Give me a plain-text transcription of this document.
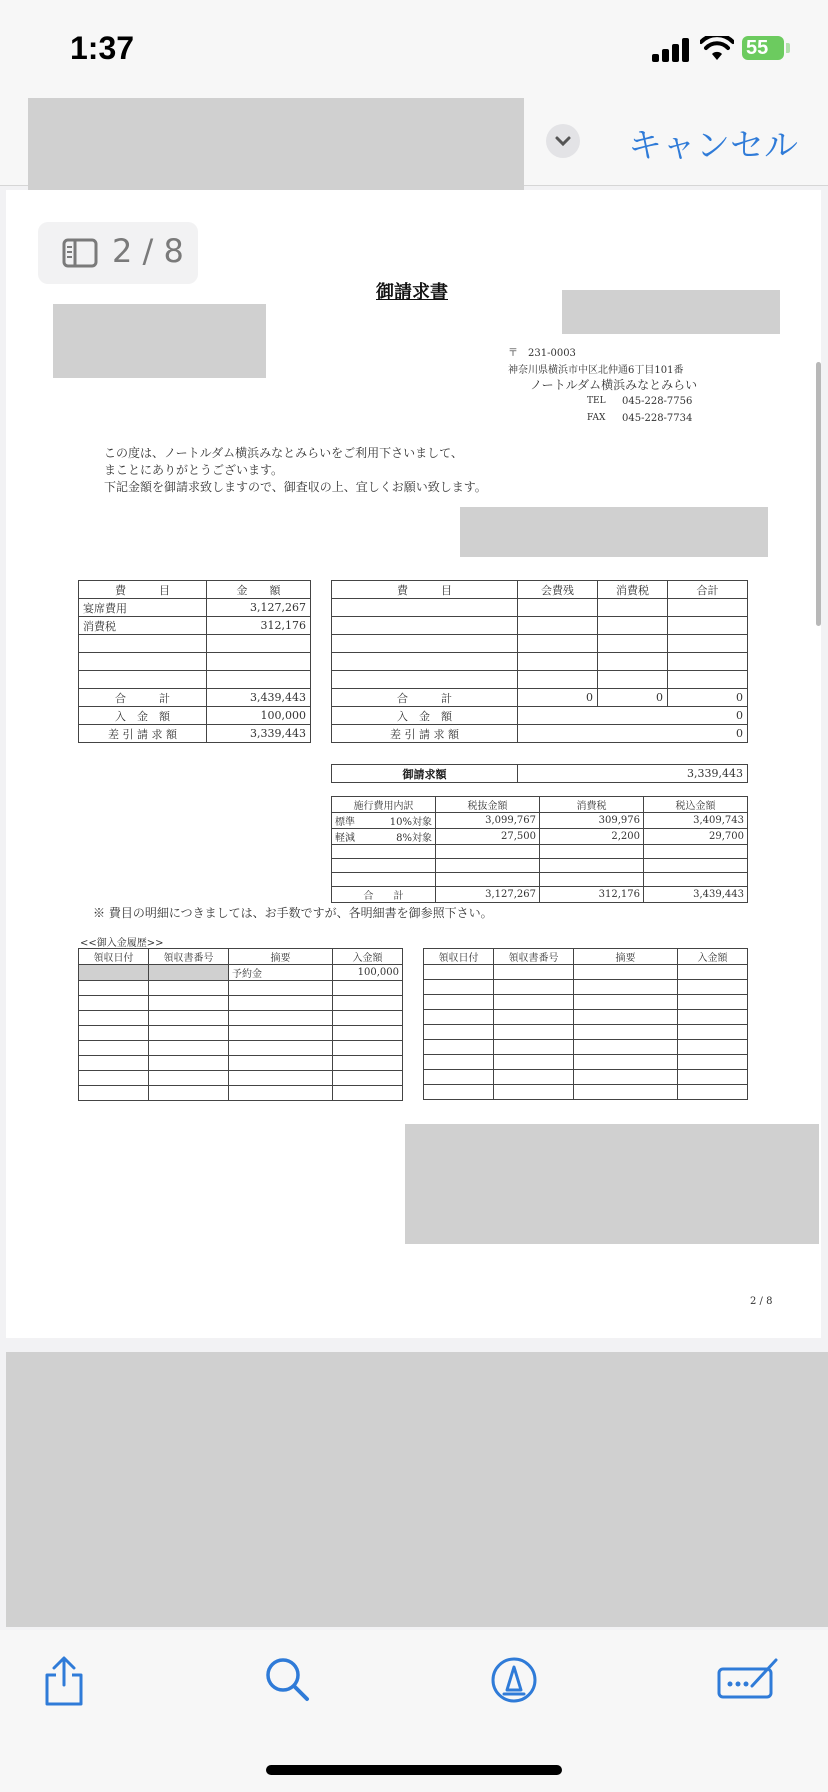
1:37	55
キャンセル
2 / 8
御請求書
〒　231-0003
神奈川県横浜市中区北仲通6丁目101番
ノートルダム横浜みなとみらい
TEL 045-228-7756
FAX 045-228-7734
この度は、ノートルダム横浜みなとみらいをご利用下さいまして、
まことにありがとうございます。
下記金額を御請求致しますので、御査収の上、宜しくお願い致します。
費　　　目	金　　額
宴席費用	3,127,267
消費税	312,176

合　　　計	3,439,443
入　金　額	100,000
差 引 請 求 額	3,339,443
費　　　目	会費残	消費税	合計

合　　　計	0	0	0
入　金　額	0		
差 引 請 求 額	0		
御請求額	3,339,443
施行費用内訳	税抜金額	消費税	税込金額
標準 10%対象	3,099,767	309,976	3,409,743
軽減 8%対象	27,500	2,200	29,700

合　　計	3,127,267	312,176	3,439,443
※ 費目の明細につきましては、お手数ですが、各明細書を御参照下さい。
<<御入金履歴>>
領収日付	領収書番号	摘要	入金額
		予約金	100,000

領収日付	領収書番号	摘要	入金額

2 / 8
